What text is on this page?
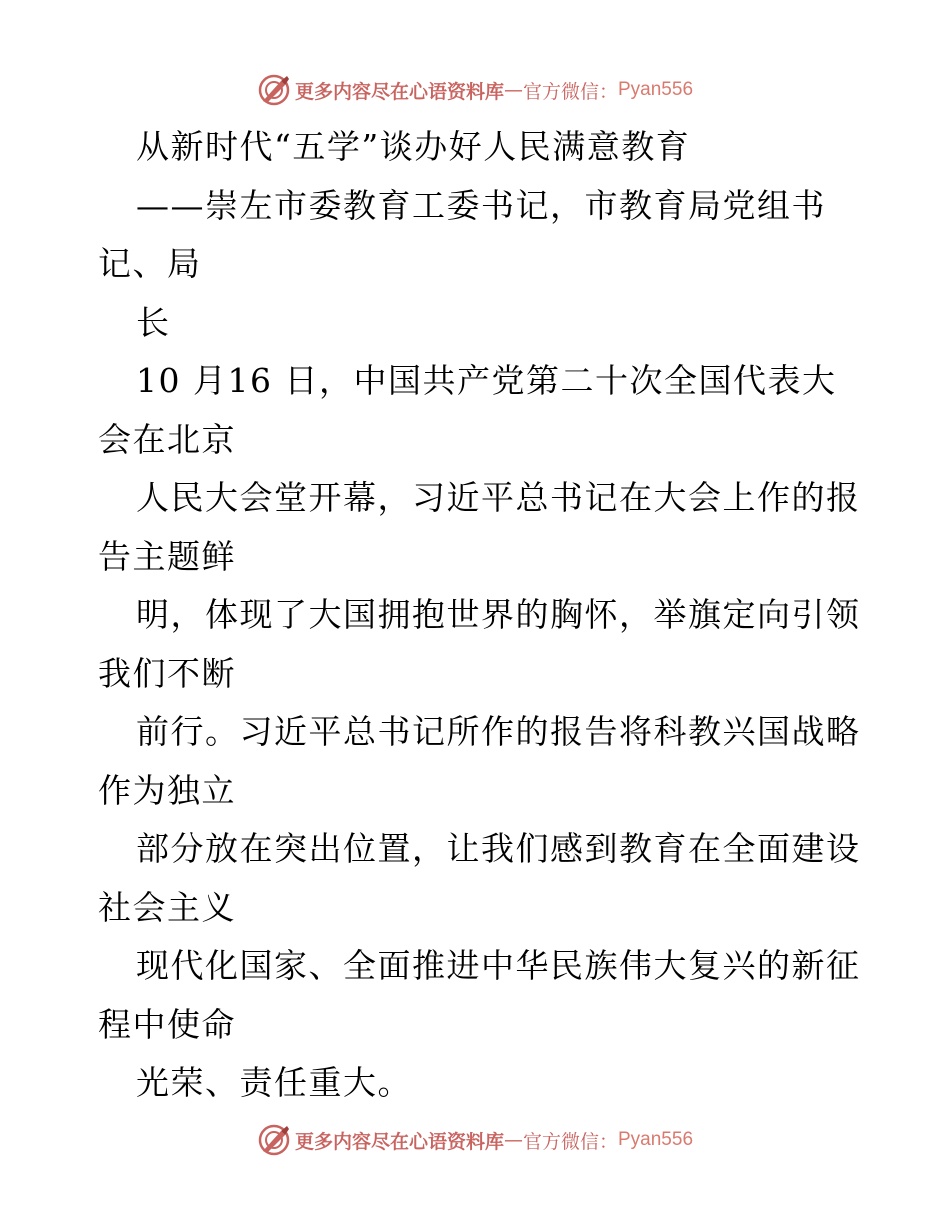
更多内容尽在心语资料库 — 官方微信： Pyan556
从新时代“五学”谈办好人民满意教育
——崇左市委教育工委书记，市教育局党组书
记、局
长
10 月16 日，中国共产党第二十次全国代表大
会在北京
人民大会堂开幕，习近平总书记在大会上作的报
告主题鲜
明，体现了大国拥抱世界的胸怀，举旗定向引领
我们不断
前行。习近平总书记所作的报告将科教兴国战略
作为独立
部分放在突出位置，让我们感到教育在全面建设
社会主义
现代化国家、全面推进中华民族伟大复兴的新征
程中使命
光荣、责任重大。
更多内容尽在心语资料库 — 官方微信： Pyan556
